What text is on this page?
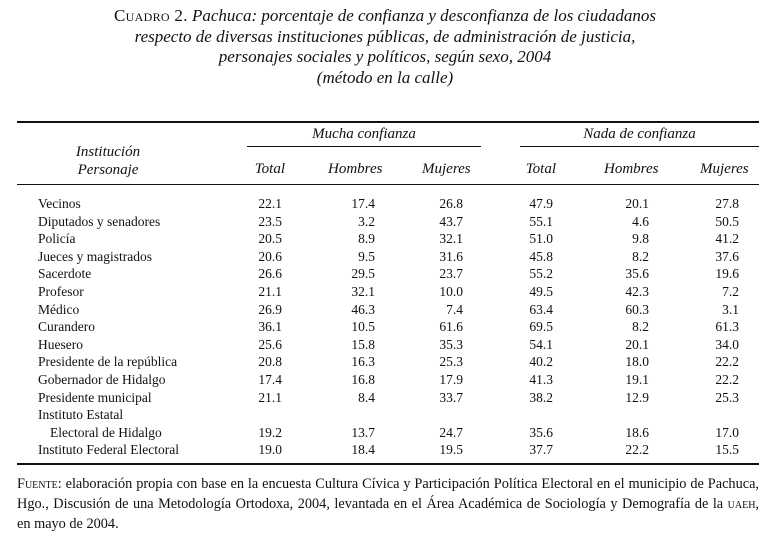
Cuadro 2. Pachuca: porcentaje de confianza y desconfianza de los ciudadanos
respecto de diversas instituciones públicas, de administración de justicia,
personajes sociales y políticos, según sexo, 2004
(método en la calle)
Institución
Personaje
Mucha confianza	Nada de confianza
Total	Hombres	Mujeres	Total	Hombres	Mujeres
Vecinos	22.1	17.4	26.8	47.9	20.1	27.8
Diputados y senadores	23.5	3.2	43.7	55.1	4.6	50.5
Policía	20.5	8.9	32.1	51.0	9.8	41.2
Jueces y magistrados	20.6	9.5	31.6	45.8	8.2	37.6
Sacerdote	26.6	29.5	23.7	55.2	35.6	19.6
Profesor	21.1	32.1	10.0	49.5	42.3	7.2
Médico	26.9	46.3	7.4	63.4	60.3	3.1
Curandero	36.1	10.5	61.6	69.5	8.2	61.3
Huesero	25.6	15.8	35.3	54.1	20.1	34.0
Presidente de la república	20.8	16.3	25.3	40.2	18.0	22.2
Gobernador de Hidalgo	17.4	16.8	17.9	41.3	19.1	22.2
Presidente municipal	21.1	8.4	33.7	38.2	12.9	25.3
Instituto Estatal
Electoral de Hidalgo	19.2	13.7	24.7	35.6	18.6	17.0
Instituto Federal Electoral	19.0	18.4	19.5	37.7	22.2	15.5
Fuente: elaboración propia con base en la encuesta Cultura Cívica y Participación Política Electoral en el municipio de Pachuca, Hgo., Discusión de una Metodología Ortodoxa, 2004, levantada en el Área Académica de Sociología y Demografía de la uaeh, en mayo de 2004.
